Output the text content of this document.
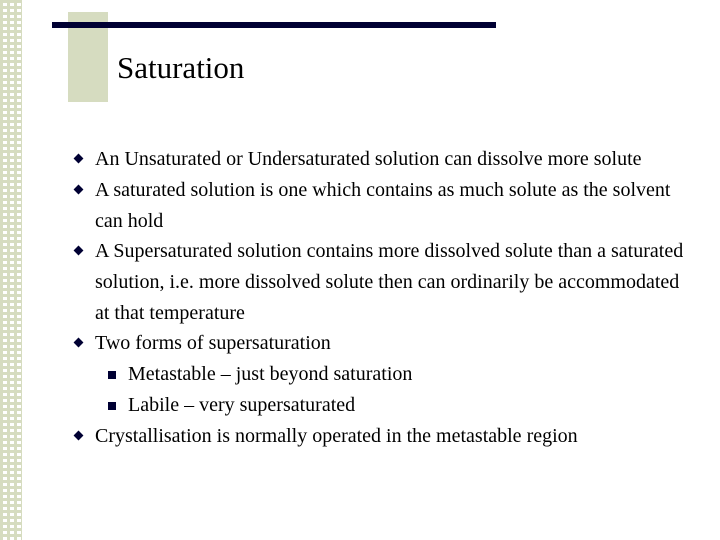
Saturation
An Unsaturated or Undersaturated solution can dissolve more solute
A saturated solution is one which contains as much solute as the solvent can hold
A Supersaturated solution contains more dissolved solute than a saturated solution, i.e. more dissolved solute then can ordinarily be accommodated at that temperature
Two forms of supersaturation
Metastable – just beyond saturation
Labile – very supersaturated
Crystallisation is normally operated in the metastable region
